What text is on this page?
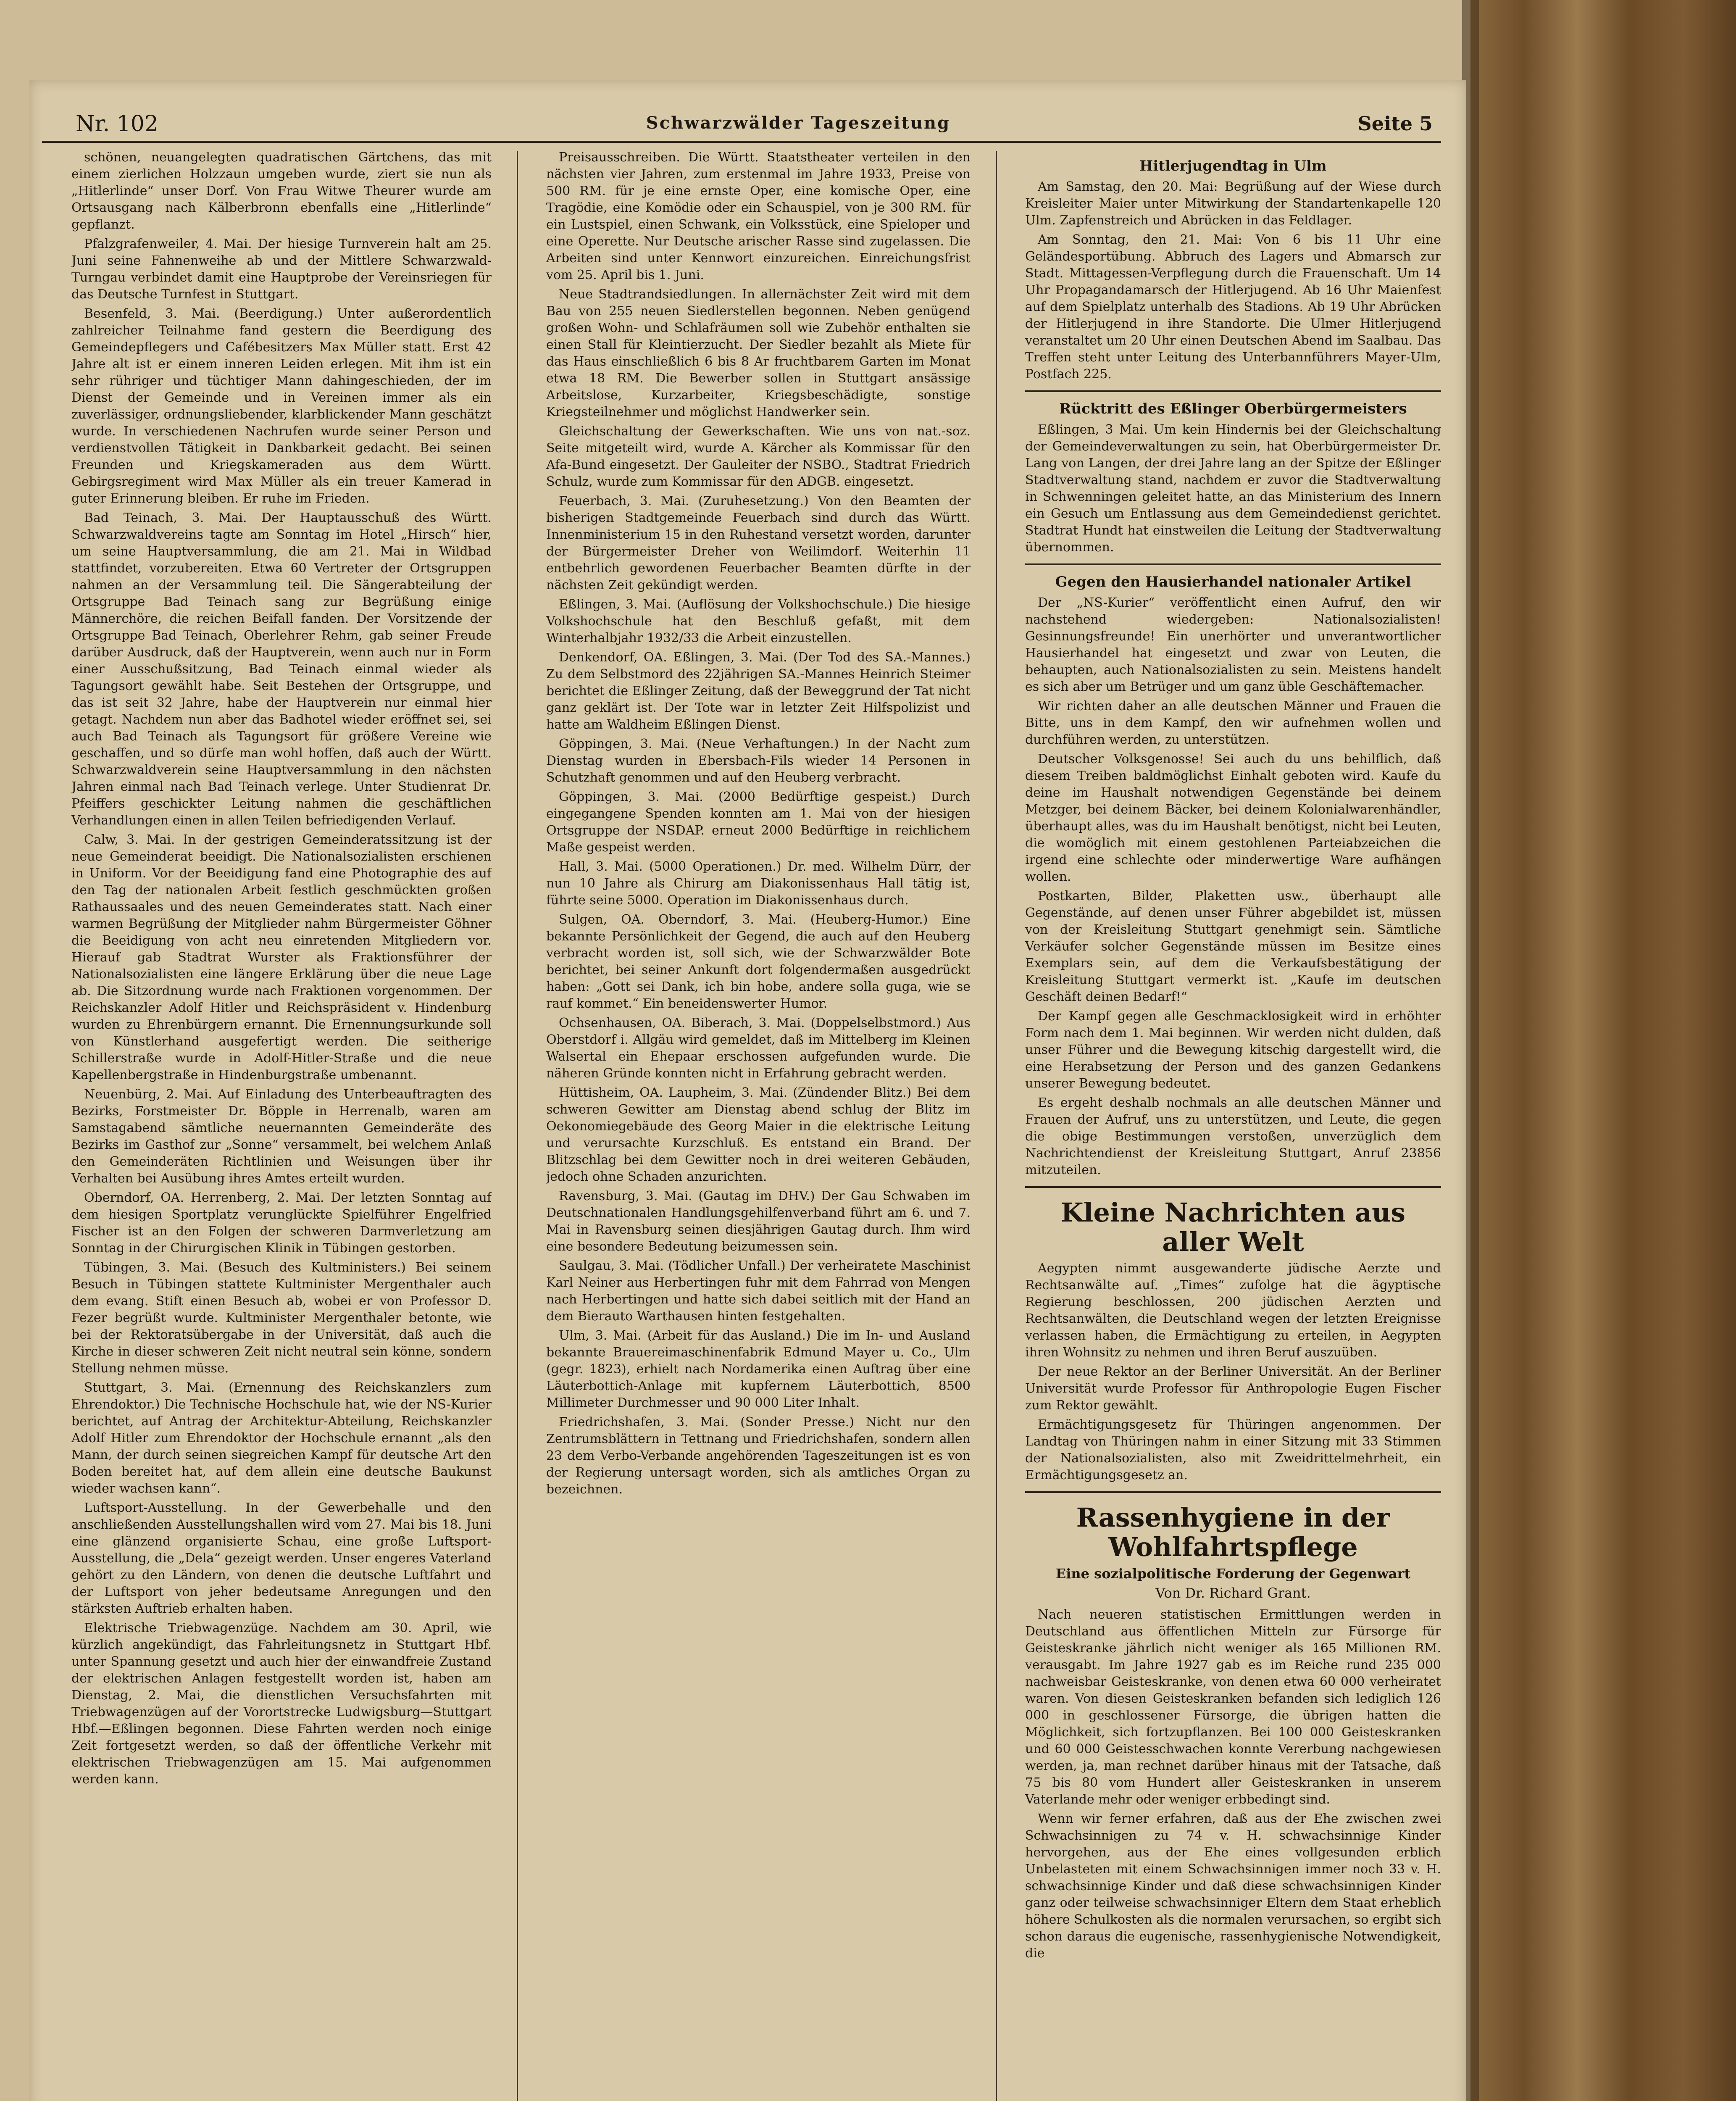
Nr. 102	Schwarzwälder Tageszeitung	Seite 5

schönen, neuangelegten quadratischen Gärtchens, das mit einem zierlichen Holzzaun umgeben wurde, ziert sie nun als „Hitlerlinde“ unser Dorf. Von Frau Witwe Theurer wurde am Ortsausgang nach Kälberbronn ebenfalls eine „Hitlerlinde“ gepflanzt.

Pfalzgrafenweiler, 4. Mai. Der hiesige Turnverein halt am 25. Juni seine Fahnenweihe ab und der Mittlere Schwarzwald-Turngau verbindet damit eine Hauptprobe der Vereinsriegen für das Deutsche Turnfest in Stuttgart.

Besenfeld, 3. Mai. (Beerdigung.) Unter außerordentlich zahlreicher Teilnahme fand gestern die Beerdigung des Gemeindepflegers und Cafébesitzers Max Müller statt. Erst 42 Jahre alt ist er einem inneren Leiden erlegen. Mit ihm ist ein sehr rühriger und tüchtiger Mann dahingeschieden, der im Dienst der Gemeinde und in Vereinen immer als ein zuverlässiger, ordnungsliebender, klarblickender Mann geschätzt wurde. In verschiedenen Nachrufen wurde seiner Person und verdienstvollen Tätigkeit in Dankbarkeit gedacht. Bei seinen Freunden und Kriegskameraden aus dem Württ. Gebirgsregiment wird Max Müller als ein treuer Kamerad in guter Erinnerung bleiben. Er ruhe im Frieden.

Bad Teinach, 3. Mai. Der Hauptausschuß des Württ. Schwarzwaldvereins tagte am Sonntag im Hotel „Hirsch“ hier, um seine Hauptversammlung, die am 21. Mai in Wildbad stattfindet, vorzubereiten. Etwa 60 Vertreter der Ortsgruppen nahmen an der Versammlung teil. Die Sängerabteilung der Ortsgruppe Bad Teinach sang zur Begrüßung einige Männerchöre, die reichen Beifall fanden. Der Vorsitzende der Ortsgruppe Bad Teinach, Oberlehrer Rehm, gab seiner Freude darüber Ausdruck, daß der Hauptverein, wenn auch nur in Form einer Ausschußsitzung, Bad Teinach einmal wieder als Tagungsort gewählt habe. Seit Bestehen der Ortsgruppe, und das ist seit 32 Jahre, habe der Hauptverein nur einmal hier getagt. Nachdem nun aber das Badhotel wieder eröffnet sei, sei auch Bad Teinach als Tagungsort für größere Vereine wie geschaffen, und so dürfe man wohl hoffen, daß auch der Württ. Schwarzwaldverein seine Hauptversammlung in den nächsten Jahren einmal nach Bad Teinach verlege. Unter Studienrat Dr. Pfeiffers geschickter Leitung nahmen die geschäftlichen Verhandlungen einen in allen Teilen befriedigenden Verlauf.

Calw, 3. Mai. In der gestrigen Gemeinderatssitzung ist der neue Gemeinderat beeidigt. Die Nationalsozialisten erschienen in Uniform. Vor der Beeidigung fand eine Photographie des auf den Tag der nationalen Arbeit festlich geschmückten großen Rathaussaales und des neuen Gemeinderates statt. Nach einer warmen Begrüßung der Mitglieder nahm Bürgermeister Göhner die Beeidigung von acht neu einretenden Mitgliedern vor. Hierauf gab Stadtrat Wurster als Fraktionsführer der Nationalsozialisten eine längere Erklärung über die neue Lage ab. Die Sitzordnung wurde nach Fraktionen vorgenommen. Der Reichskanzler Adolf Hitler und Reichspräsident v. Hindenburg wurden zu Ehrenbürgern ernannt. Die Ernennungsurkunde soll von Künstlerhand ausgefertigt werden. Die seitherige Schillerstraße wurde in Adolf-Hitler-Straße und die neue Kapellenbergstraße in Hindenburgstraße umbenannt.

Neuenbürg, 2. Mai. Auf Einladung des Unterbeauftragten des Bezirks, Forstmeister Dr. Böpple in Herrenalb, waren am Samstagabend sämtliche neuernannten Gemeinderäte des Bezirks im Gasthof zur „Sonne“ versammelt, bei welchem Anlaß den Gemeinderäten Richtlinien und Weisungen über ihr Verhalten bei Ausübung ihres Amtes erteilt wurden.

Oberndorf, OA. Herrenberg, 2. Mai. Der letzten Sonntag auf dem hiesigen Sportplatz verunglückte Spielführer Engelfried Fischer ist an den Folgen der schweren Darmverletzung am Sonntag in der Chirurgischen Klinik in Tübingen gestorben.

Tübingen, 3. Mai. (Besuch des Kultministers.) Bei seinem Besuch in Tübingen stattete Kultminister Mergenthaler auch dem evang. Stift einen Besuch ab, wobei er von Professor D. Fezer begrüßt wurde. Kultminister Mergenthaler betonte, wie bei der Rektoratsübergabe in der Universität, daß auch die Kirche in dieser schweren Zeit nicht neutral sein könne, sondern Stellung nehmen müsse.

Stuttgart, 3. Mai. (Ernennung des Reichskanzlers zum Ehrendoktor.) Die Technische Hochschule hat, wie der NS-Kurier berichtet, auf Antrag der Architektur-Abteilung, Reichskanzler Adolf Hitler zum Ehrendoktor der Hochschule ernannt „als den Mann, der durch seinen siegreichen Kampf für deutsche Art den Boden bereitet hat, auf dem allein eine deutsche Baukunst wieder wachsen kann“.

Luftsport-Ausstellung. In der Gewerbehalle und den anschließenden Ausstellungshallen wird vom 27. Mai bis 18. Juni eine glänzend organisierte Schau, eine große Luftsport-Ausstellung, die „Dela“ gezeigt werden. Unser engeres Vaterland gehört zu den Ländern, von denen die deutsche Luftfahrt und der Luftsport von jeher bedeutsame Anregungen und den stärksten Auftrieb erhalten haben.

Elektrische Triebwagenzüge. Nachdem am 30. April, wie kürzlich angekündigt, das Fahrleitungsnetz in Stuttgart Hbf. unter Spannung gesetzt und auch hier der einwandfreie Zustand der elektrischen Anlagen festgestellt worden ist, haben am Dienstag, 2. Mai, die dienstlichen Versuchsfahrten mit Triebwagenzügen auf der Vorortstrecke Ludwigsburg—Stuttgart Hbf.—Eßlingen begonnen. Diese Fahrten werden noch einige Zeit fortgesetzt werden, so daß der öffentliche Verkehr mit elektrischen Triebwagenzügen am 15. Mai aufgenommen werden kann.

Preisausschreiben. Die Württ. Staatstheater verteilen in den nächsten vier Jahren, zum erstenmal im Jahre 1933, Preise von 500 RM. für je eine ernste Oper, eine komische Oper, eine Tragödie, eine Komödie oder ein Schauspiel, von je 300 RM. für ein Lustspiel, einen Schwank, ein Volksstück, eine Spieloper und eine Operette. Nur Deutsche arischer Rasse sind zugelassen. Die Arbeiten sind unter Kennwort einzureichen. Einreichungsfrist vom 25. April bis 1. Juni.

Neue Stadtrandsiedlungen. In allernächster Zeit wird mit dem Bau von 255 neuen Siedlerstellen begonnen. Neben genügend großen Wohn- und Schlafräumen soll wie Zubehör enthalten sie einen Stall für Kleintierzucht. Der Siedler bezahlt als Miete für das Haus einschließlich 6 bis 8 Ar fruchtbarem Garten im Monat etwa 18 RM. Die Bewerber sollen in Stuttgart ansässige Arbeitslose, Kurzarbeiter, Kriegsbeschädigte, sonstige Kriegsteilnehmer und möglichst Handwerker sein.

Gleichschaltung der Gewerkschaften. Wie uns von nat.-soz. Seite mitgeteilt wird, wurde A. Kärcher als Kommissar für den Afa-Bund eingesetzt. Der Gauleiter der NSBO., Stadtrat Friedrich Schulz, wurde zum Kommissar für den ADGB. eingesetzt.

Feuerbach, 3. Mai. (Zuruhesetzung.) Von den Beamten der bisherigen Stadtgemeinde Feuerbach sind durch das Württ. Innenministerium 15 in den Ruhestand versetzt worden, darunter der Bürgermeister Dreher von Weilimdorf. Weiterhin 11 entbehrlich gewordenen Feuerbacher Beamten dürfte in der nächsten Zeit gekündigt werden.

Eßlingen, 3. Mai. (Auflösung der Volkshochschule.) Die hiesige Volkshochschule hat den Beschluß gefaßt, mit dem Winterhalbjahr 1932/33 die Arbeit einzustellen.

Denkendorf, OA. Eßlingen, 3. Mai. (Der Tod des SA.-Mannes.) Zu dem Selbstmord des 22jährigen SA.-Mannes Heinrich Steimer berichtet die Eßlinger Zeitung, daß der Beweggrund der Tat nicht ganz geklärt ist. Der Tote war in letzter Zeit Hilfspolizist und hatte am Waldheim Eßlingen Dienst.

Göppingen, 3. Mai. (Neue Verhaftungen.) In der Nacht zum Dienstag wurden in Ebersbach-Fils wieder 14 Personen in Schutzhaft genommen und auf den Heuberg verbracht.

Göppingen, 3. Mai. (2000 Bedürftige gespeist.) Durch eingegangene Spenden konnten am 1. Mai von der hiesigen Ortsgruppe der NSDAP. erneut 2000 Bedürftige in reichlichem Maße gespeist werden.

Hall, 3. Mai. (5000 Operationen.) Dr. med. Wilhelm Dürr, der nun 10 Jahre als Chirurg am Diakonissenhaus Hall tätig ist, führte seine 5000. Operation im Diakonissenhaus durch.

Sulgen, OA. Oberndorf, 3. Mai. (Heuberg-Humor.) Eine bekannte Persönlichkeit der Gegend, die auch auf den Heuberg verbracht worden ist, soll sich, wie der Schwarzwälder Bote berichtet, bei seiner Ankunft dort folgendermaßen ausgedrückt haben: „Gott sei Dank, ich bin hobe, andere solla guga, wie se rauf kommet.“ Ein beneidenswerter Humor.

Ochsenhausen, OA. Biberach, 3. Mai. (Doppelselbstmord.) Aus Oberstdorf i. Allgäu wird gemeldet, daß im Mittelberg im Kleinen Walsertal ein Ehepaar erschossen aufgefunden wurde. Die näheren Gründe konnten nicht in Erfahrung gebracht werden.

Hüttisheim, OA. Laupheim, 3. Mai. (Zündender Blitz.) Bei dem schweren Gewitter am Dienstag abend schlug der Blitz im Oekonomiegebäude des Georg Maier in die elektrische Leitung und verursachte Kurzschluß. Es entstand ein Brand. Der Blitzschlag bei dem Gewitter noch in drei weiteren Gebäuden, jedoch ohne Schaden anzurichten.

Ravensburg, 3. Mai. (Gautag im DHV.) Der Gau Schwaben im Deutschnationalen Handlungsgehilfenverband führt am 6. und 7. Mai in Ravensburg seinen diesjährigen Gautag durch. Ihm wird eine besondere Bedeutung beizumessen sein.

Saulgau, 3. Mai. (Tödlicher Unfall.) Der verheiratete Maschinist Karl Neiner aus Herbertingen fuhr mit dem Fahrrad von Mengen nach Herbertingen und hatte sich dabei seitlich mit der Hand an dem Bierauto Warthausen hinten festgehalten.

Ulm, 3. Mai. (Arbeit für das Ausland.) Die im In- und Ausland bekannte Brauereimaschinenfabrik Edmund Mayer u. Co., Ulm (gegr. 1823), erhielt nach Nordamerika einen Auftrag über eine Läuterbottich-Anlage mit kupfernem Läuterbottich, 8500 Millimeter Durchmesser und 90 000 Liter Inhalt.

Friedrichshafen, 3. Mai. (Sonder Presse.) Nicht nur den Zentrumsblättern in Tettnang und Friedrichshafen, sondern allen 23 dem Verbo-Verbande angehörenden Tageszeitungen ist es von der Regierung untersagt worden, sich als amtliches Organ zu bezeichnen.

Hitlerjugendtag in Ulm

Am Samstag, den 20. Mai: Begrüßung auf der Wiese durch Kreisleiter Maier unter Mitwirkung der Standartenkapelle 120 Ulm. Zapfenstreich und Abrücken in das Feldlager.

Am Sonntag, den 21. Mai: Von 6 bis 11 Uhr eine Geländesportübung. Abbruch des Lagers und Abmarsch zur Stadt. Mittagessen-Verpflegung durch die Frauenschaft. Um 14 Uhr Propagandamarsch der Hitlerjugend. Ab 16 Uhr Maienfest auf dem Spielplatz unterhalb des Stadions. Ab 19 Uhr Abrücken der Hitlerjugend in ihre Standorte. Die Ulmer Hitlerjugend veranstaltet um 20 Uhr einen Deutschen Abend im Saalbau. Das Treffen steht unter Leitung des Unterbannführers Mayer-Ulm, Postfach 225.

Rücktritt des Eßlinger Oberbürgermeisters

Eßlingen, 3 Mai. Um kein Hindernis bei der Gleichschaltung der Gemeindeverwaltungen zu sein, hat Oberbürgermeister Dr. Lang von Langen, der drei Jahre lang an der Spitze der Eßlinger Stadtverwaltung stand, nachdem er zuvor die Stadtverwaltung in Schwenningen geleitet hatte, an das Ministerium des Innern ein Gesuch um Entlassung aus dem Gemeindedienst gerichtet. Stadtrat Hundt hat einstweilen die Leitung der Stadtverwaltung übernommen.

Gegen den Hausierhandel nationaler Artikel

Der „NS-Kurier“ veröffentlicht einen Aufruf, den wir nachstehend wiedergeben: Nationalsozialisten! Gesinnungsfreunde! Ein unerhörter und unverantwortlicher Hausierhandel hat eingesetzt und zwar von Leuten, die behaupten, auch Nationalsozialisten zu sein. Meistens handelt es sich aber um Betrüger und um ganz üble Geschäftemacher.

Wir richten daher an alle deutschen Männer und Frauen die Bitte, uns in dem Kampf, den wir aufnehmen wollen und durchführen werden, zu unterstützen.

Deutscher Volksgenosse! Sei auch du uns behilflich, daß diesem Treiben baldmöglichst Einhalt geboten wird. Kaufe du deine im Haushalt notwendigen Gegenstände bei deinem Metzger, bei deinem Bäcker, bei deinem Kolonialwarenhändler, überhaupt alles, was du im Haushalt benötigst, nicht bei Leuten, die womöglich mit einem gestohlenen Parteiabzeichen die irgend eine schlechte oder minderwertige Ware aufhängen wollen.

Postkarten, Bilder, Plaketten usw., überhaupt alle Gegenstände, auf denen unser Führer abgebildet ist, müssen von der Kreisleitung Stuttgart genehmigt sein. Sämtliche Verkäufer solcher Gegenstände müssen im Besitze eines Exemplars sein, auf dem die Verkaufsbestätigung der Kreisleitung Stuttgart vermerkt ist. „Kaufe im deutschen Geschäft deinen Bedarf!“

Der Kampf gegen alle Geschmacklosigkeit wird in erhöhter Form nach dem 1. Mai beginnen. Wir werden nicht dulden, daß unser Führer und die Bewegung kitschig dargestellt wird, die eine Herabsetzung der Person und des ganzen Gedankens unserer Bewegung bedeutet.

Es ergeht deshalb nochmals an alle deutschen Männer und Frauen der Aufruf, uns zu unterstützen, und Leute, die gegen die obige Bestimmungen verstoßen, unverzüglich dem Nachrichtendienst der Kreisleitung Stuttgart, Anruf 23856 mitzuteilen.

Kleine Nachrichten aus aller Welt

Aegypten nimmt ausgewanderte jüdische Aerzte und Rechtsanwälte auf. „Times“ zufolge hat die ägyptische Regierung beschlossen, 200 jüdischen Aerzten und Rechtsanwälten, die Deutschland wegen der letzten Ereignisse verlassen haben, die Ermächtigung zu erteilen, in Aegypten ihren Wohnsitz zu nehmen und ihren Beruf auszuüben.

Der neue Rektor an der Berliner Universität. An der Berliner Universität wurde Professor für Anthropologie Eugen Fischer zum Rektor gewählt.

Ermächtigungsgesetz für Thüringen angenommen. Der Landtag von Thüringen nahm in einer Sitzung mit 33 Stimmen der Nationalsozialisten, also mit Zweidrittelmehrheit, ein Ermächtigungsgesetz an.

Rassenhygiene in der Wohlfahrtspflege
Eine sozialpolitische Forderung der Gegenwart
Von Dr. Richard Grant.

Nach neueren statistischen Ermittlungen werden in Deutschland aus öffentlichen Mitteln zur Fürsorge für Geisteskranke jährlich nicht weniger als 165 Millionen RM. verausgabt. Im Jahre 1927 gab es im Reiche rund 235 000 nachweisbar Geisteskranke, von denen etwa 60 000 verheiratet waren. Von diesen Geisteskranken befanden sich lediglich 126 000 in geschlossener Fürsorge, die übrigen hatten die Möglichkeit, sich fortzupflanzen. Bei 100 000 Geisteskranken und 60 000 Geistesschwachen konnte Vererbung nachgewiesen werden, ja, man rechnet darüber hinaus mit der Tatsache, daß 75 bis 80 vom Hundert aller Geisteskranken in unserem Vaterlande mehr oder weniger erbbedingt sind.

Wenn wir ferner erfahren, daß aus der Ehe zwischen zwei Schwachsinnigen zu 74 v. H. schwachsinnige Kinder hervorgehen, aus der Ehe eines vollgesunden erblich Unbelasteten mit einem Schwachsinnigen immer noch 33 v. H. schwachsinnige Kinder und daß diese schwachsinnigen Kinder ganz oder teilweise schwachsinniger Eltern dem Staat erheblich höhere Schulkosten als die normalen verursachen, so ergibt sich schon daraus die eugenische, rassenhygienische Notwendigkeit, die
